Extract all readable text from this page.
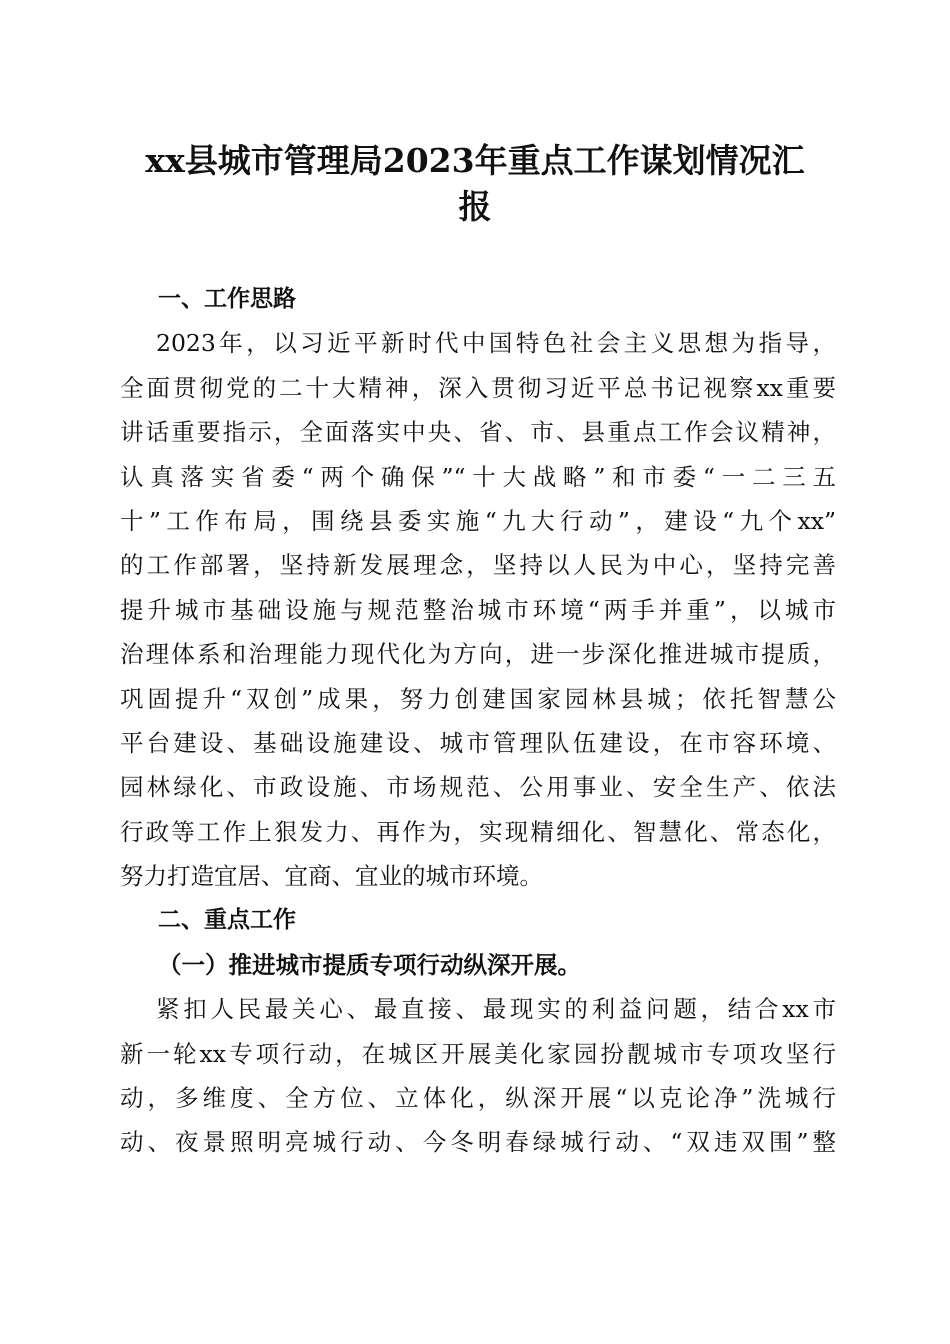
xx县城市管理局2023年重点工作谋划情况汇
报
一、工作思路
2023年，以习近平新时代中国特色社会主义思想为指导，
全面贯彻党的二十大精神，深入贯彻习近平总书记视察xx重要
讲话重要指示，全面落实中央、省、市、县重点工作会议精神，
认真落实省委“两个确保”“十大战略”和市委“一二三五
十”工作布局，围绕县委实施“九大行动”，建设“九个xx”
的工作部署，坚持新发展理念，坚持以人民为中心，坚持完善
提升城市基础设施与规范整治城市环境“两手并重”，以城市
治理体系和治理能力现代化为方向，进一步深化推进城市提质，
巩固提升“双创”成果，努力创建国家园林县城；依托智慧公
平台建设、基础设施建设、城市管理队伍建设，在市容环境、
园林绿化、市政设施、市场规范、公用事业、安全生产、依法
行政等工作上狠发力、再作为，实现精细化、智慧化、常态化，
努力打造宜居、宜商、宜业的城市环境。
二、重点工作
（一）推进城市提质专项行动纵深开展。
紧扣人民最关心、最直接、最现实的利益问题，结合xx市
新一轮xx专项行动，在城区开展美化家园扮靓城市专项攻坚行
动，多维度、全方位、立体化，纵深开展“以克论净”洗城行
动、夜景照明亮城行动、今冬明春绿城行动、“双违双围”整
